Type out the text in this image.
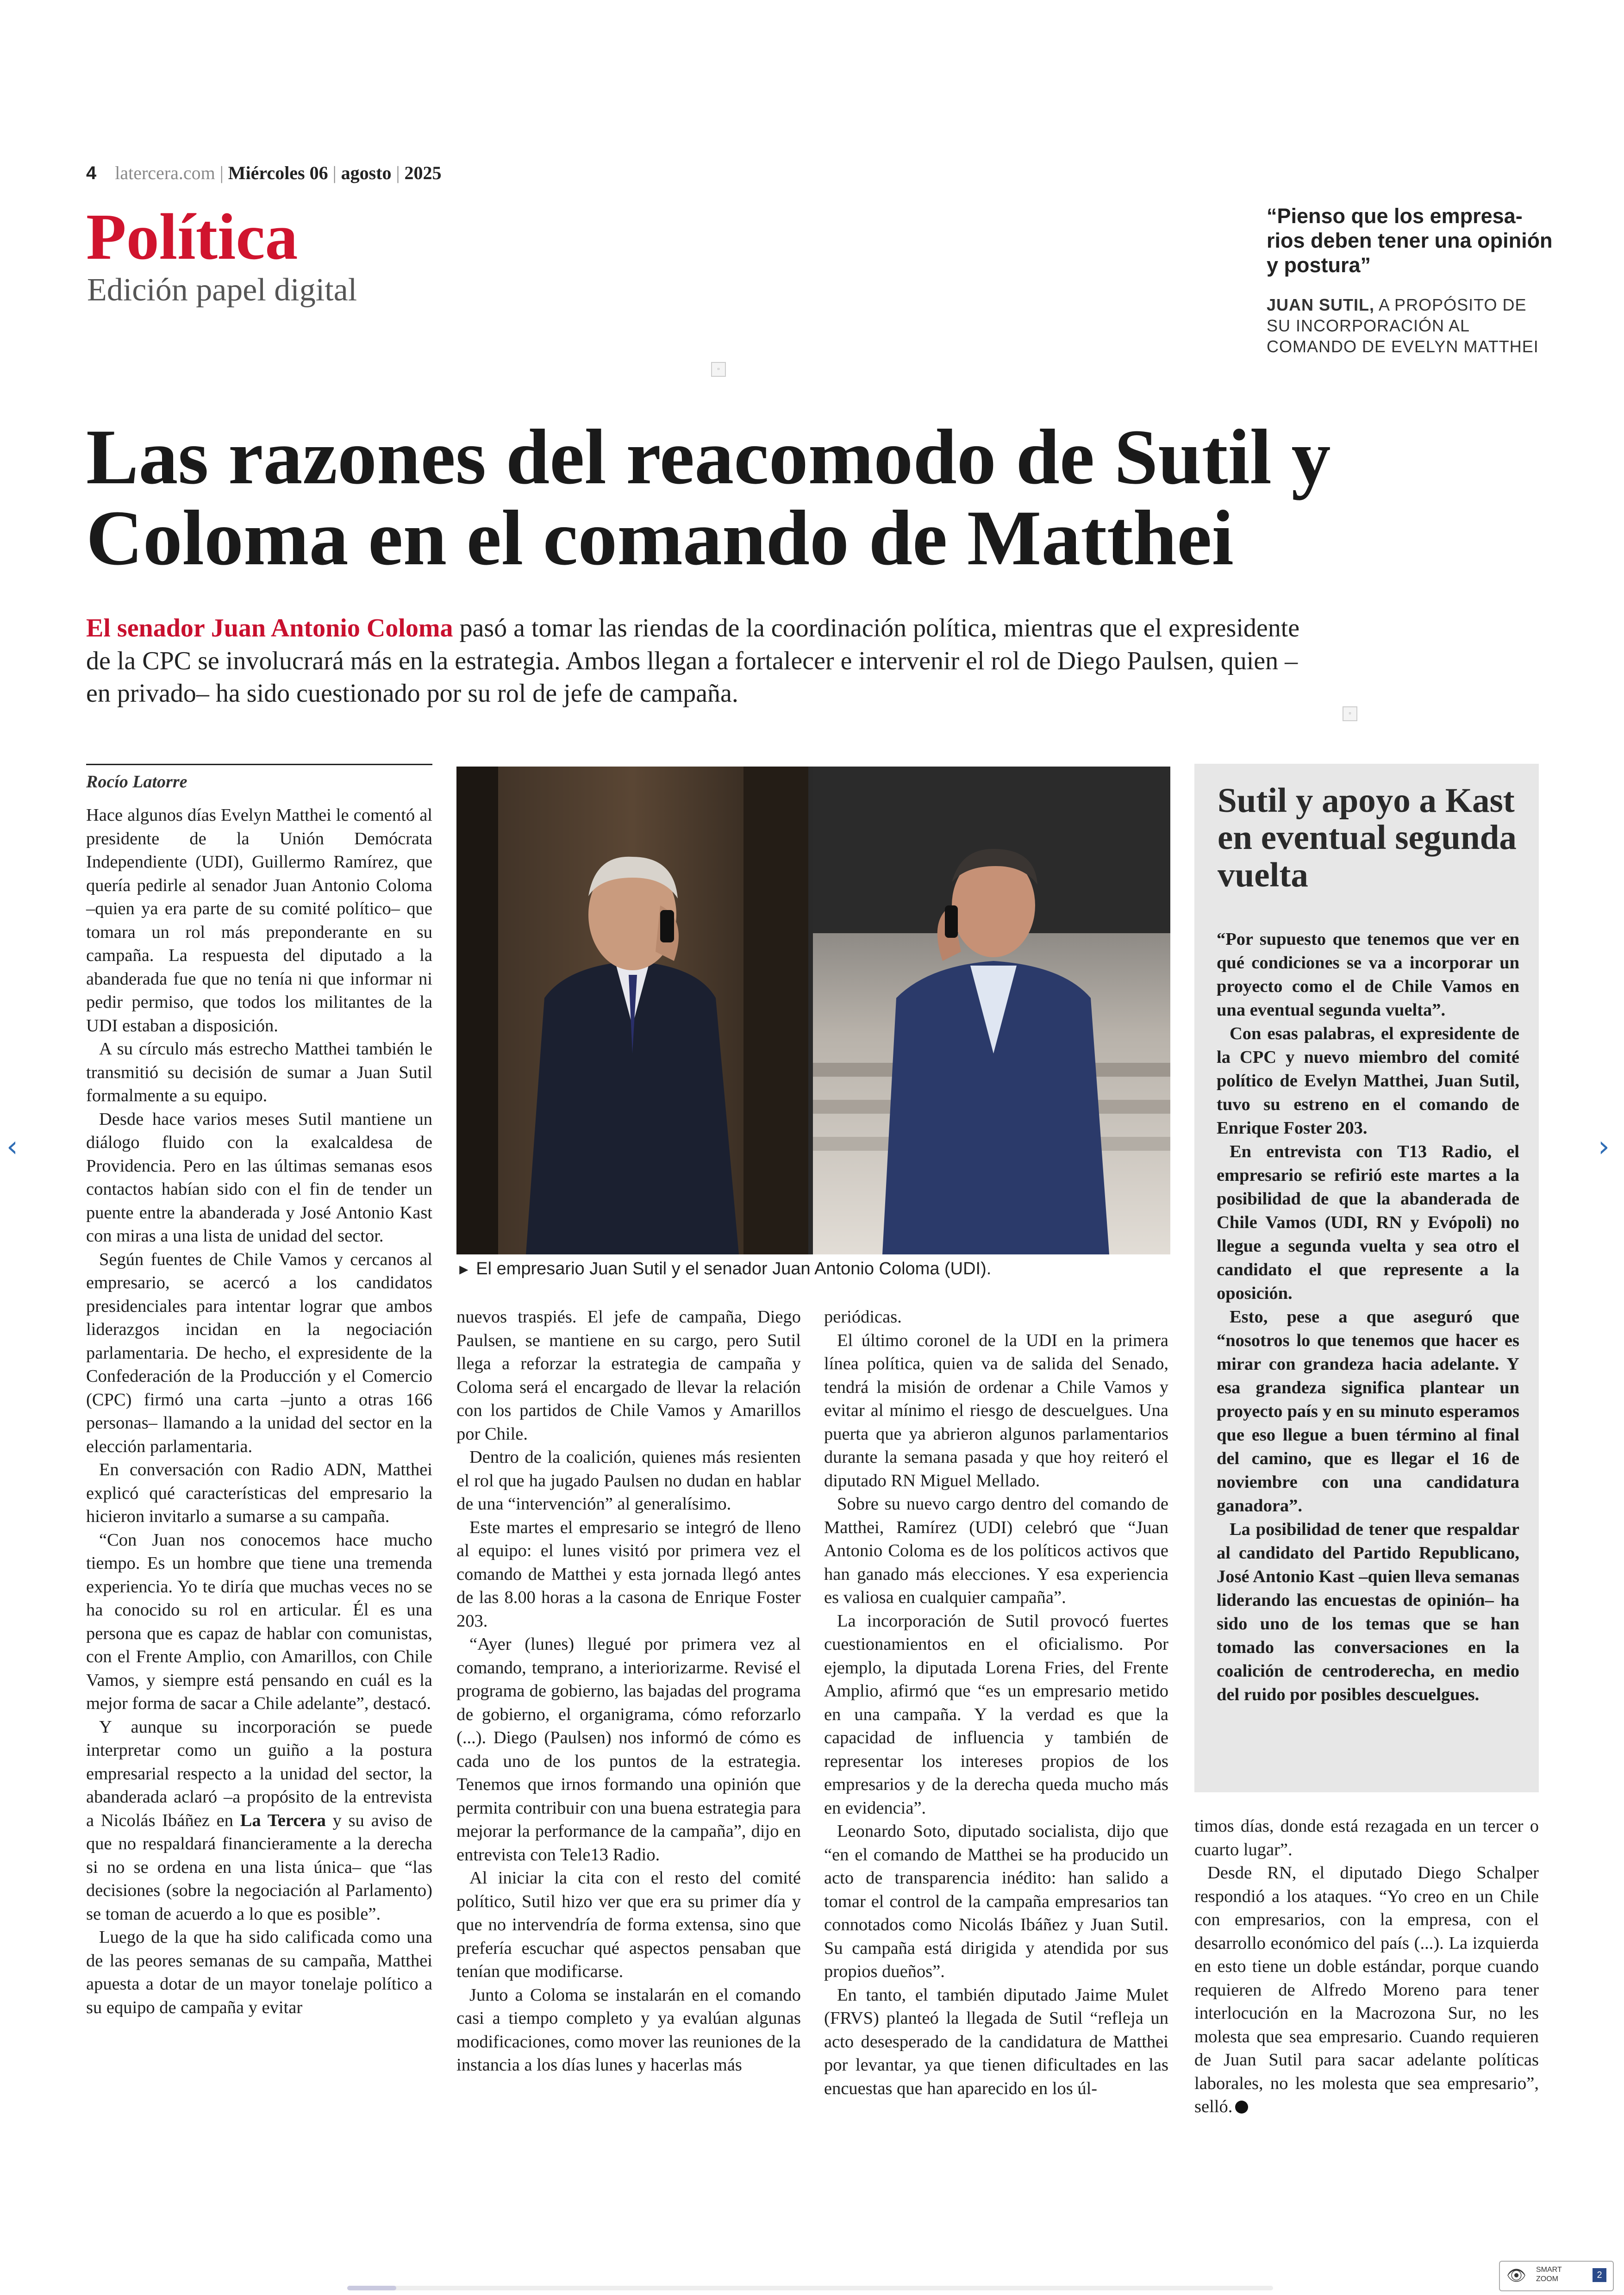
4 latercera.com | Miércoles 06 | agosto | 2025
Política
Edición papel digital
“Pienso que los empresa- rios deben tener una opinión y postura”
JUAN SUTIL, A PROPÓSITO DE SU INCORPORACIÓN AL COMANDO DE EVELYN MATTHEI
▫
▫
Las razones del reacomodo de Sutil y Coloma en el comando de Matthei
El senador Juan Antonio Coloma pasó a tomar las riendas de la coordinación política, mientras que el expresidente de la CPC se involucrará más en la estrategia. Ambos llegan a fortalecer e intervenir el rol de Diego Paulsen, quien –en privado– ha sido cuestionado por su rol de jefe de campaña.
Rocío Latorre

Hace algunos días Evelyn Matthei le comentó al presidente de la Unión Demócrata Independiente (UDI), Guillermo Ramírez, que quería pedirle al senador Juan Antonio Coloma –quien ya era parte de su comité político– que tomara un rol más preponderante en su campaña. La respuesta del diputado a la abanderada fue que no tenía ni que informar ni pedir permiso, que todos los militantes de la UDI estaban a disposición.

A su círculo más estrecho Matthei también le transmitió su decisión de sumar a Juan Sutil formalmente a su equipo.

Desde hace varios meses Sutil mantiene un diálogo fluido con la exalcaldesa de Providencia. Pero en las últimas semanas esos contactos habían sido con el fin de tender un puente entre la abanderada y José Antonio Kast con miras a una lista de unidad del sector.

Según fuentes de Chile Vamos y cercanos al empresario, se acercó a los candidatos presidenciales para intentar lograr que ambos liderazgos incidan en la negociación parlamentaria. De hecho, el expresidente de la Confederación de la Producción y el Comercio (CPC) firmó una carta –junto a otras 166 personas– llamando a la unidad del sector en la elección parlamentaria.

En conversación con Radio ADN, Matthei explicó qué características del empresario la hicieron invitarlo a sumarse a su campaña.

“Con Juan nos conocemos hace mucho tiempo. Es un hombre que tiene una tremenda experiencia. Yo te diría que muchas veces no se ha conocido su rol en articular. Él es una persona que es capaz de hablar con comunistas, con el Frente Amplio, con Amarillos, con Chile Vamos, y siempre está pensando en cuál es la mejor forma de sacar a Chile adelante”, destacó.

Y aunque su incorporación se puede interpretar como un guiño a la postura empresarial respecto a la unidad del sector, la abanderada aclaró –a propósito de la entrevista a Nicolás Ibáñez en La Tercera y su aviso de que no respaldará financieramente a la derecha si no se ordena en una lista única– que “las decisiones (sobre la negociación al Parlamento) se toman de acuerdo a lo que es posible”.

Luego de la que ha sido calificada como una de las peores semanas de su campaña, Matthei apuesta a dotar de un mayor tonelaje político a su equipo de campaña y evitar

► El empresario Juan Sutil y el senador Juan Antonio Coloma (UDI).

nuevos traspiés. El jefe de campaña, Diego Paulsen, se mantiene en su cargo, pero Sutil llega a reforzar la estrategia de campaña y Coloma será el encargado de llevar la relación con los partidos de Chile Vamos y Amarillos por Chile.

Dentro de la coalición, quienes más resienten el rol que ha jugado Paulsen no dudan en hablar de una “intervención” al generalísimo.

Este martes el empresario se integró de lleno al equipo: el lunes visitó por primera vez el comando de Matthei y esta jornada llegó antes de las 8.00 horas a la casona de Enrique Foster 203.

“Ayer (lunes) llegué por primera vez al comando, temprano, a interiorizarme. Revisé el programa de gobierno, las bajadas del programa de gobierno, el organigrama, cómo reforzarlo (...). Diego (Paulsen) nos informó de cómo es cada uno de los puntos de la estrategia. Tenemos que irnos formando una opinión que permita contribuir con una buena estrategia para mejorar la performance de la campaña”, dijo en entrevista con Tele13 Radio.

Al iniciar la cita con el resto del comité político, Sutil hizo ver que era su primer día y que no intervendría de forma extensa, sino que prefería escuchar qué aspectos pensaban que tenían que modificarse.

Junto a Coloma se instalarán en el comando casi a tiempo completo y ya evalúan algunas modificaciones, como mover las reuniones de la instancia a los días lunes y hacerlas más

periódicas.

El último coronel de la UDI en la primera línea política, quien va de salida del Senado, tendrá la misión de ordenar a Chile Vamos y evitar al mínimo el riesgo de descuelgues. Una puerta que ya abrieron algunos parlamentarios durante la semana pasada y que hoy reiteró el diputado RN Miguel Mellado.

Sobre su nuevo cargo dentro del comando de Matthei, Ramírez (UDI) celebró que “Juan Antonio Coloma es de los políticos activos que han ganado más elecciones. Y esa experiencia es valiosa en cualquier campaña”.

La incorporación de Sutil provocó fuertes cuestionamientos en el oficialismo. Por ejemplo, la diputada Lorena Fries, del Frente Amplio, afirmó que “es un empresario metido en una campaña. Y la verdad es que la capacidad de influencia y también de representar los intereses propios de los empresarios y de la derecha queda mucho más en evidencia”.

Leonardo Soto, diputado socialista, dijo que “en el comando de Matthei se ha producido un acto de transparencia inédito: han salido a tomar el control de la campaña empresarios tan connotados como Nicolás Ibáñez y Juan Sutil. Su campaña está dirigida y atendida por sus propios dueños”.

En tanto, el también diputado Jaime Mulet (FRVS) planteó la llegada de Sutil “refleja un acto desesperado de la candidatura de Matthei por levantar, ya que tienen dificultades en las encuestas que han aparecido en los úl-

Sutil y apoyo a Kast en eventual segunda vuelta

“Por supuesto que tenemos que ver en qué condiciones se va a incorporar un proyecto como el de Chile Vamos en una eventual segunda vuelta”.

Con esas palabras, el expresidente de la CPC y nuevo miembro del comité político de Evelyn Matthei, Juan Sutil, tuvo su estreno en el comando de Enrique Foster 203.

En entrevista con T13 Radio, el empresario se refirió este martes a la posibilidad de que la abanderada de Chile Vamos (UDI, RN y Evópoli) no llegue a segunda vuelta y sea otro el candidato el que represente a la oposición.

Esto, pese a que aseguró que “nosotros lo que tenemos que hacer es mirar con grandeza hacia adelante. Y esa grandeza significa plantear un proyecto país y en su minuto esperamos que eso llegue a buen término al final del camino, que es llegar el 16 de noviembre con una candidatura ganadora”.

La posibilidad de tener que respaldar al candidato del Partido Republicano, José Antonio Kast –quien lleva semanas liderando las encuestas de opinión– ha sido uno de los temas que se han tomado las conversaciones en la coalición de centroderecha, en medio del ruido por posibles descuelgues.

timos días, donde está rezagada en un tercer o cuarto lugar”.

Desde RN, el diputado Diego Schalper respondió a los ataques. “Yo creo en un Chile con empresarios, con la empresa, con el desarrollo económico del país (...). La izquierda en esto tiene un doble estándar, porque cuando requieren de Alfredo Moreno para tener interlocución en la Macrozona Sur, no les molesta que sea empresario. Cuando requieren de Juan Sutil para sacar adelante políticas laborales, no les molesta que sea empresario”, selló.

‹	›
👁 SMART
ZOOM	2
